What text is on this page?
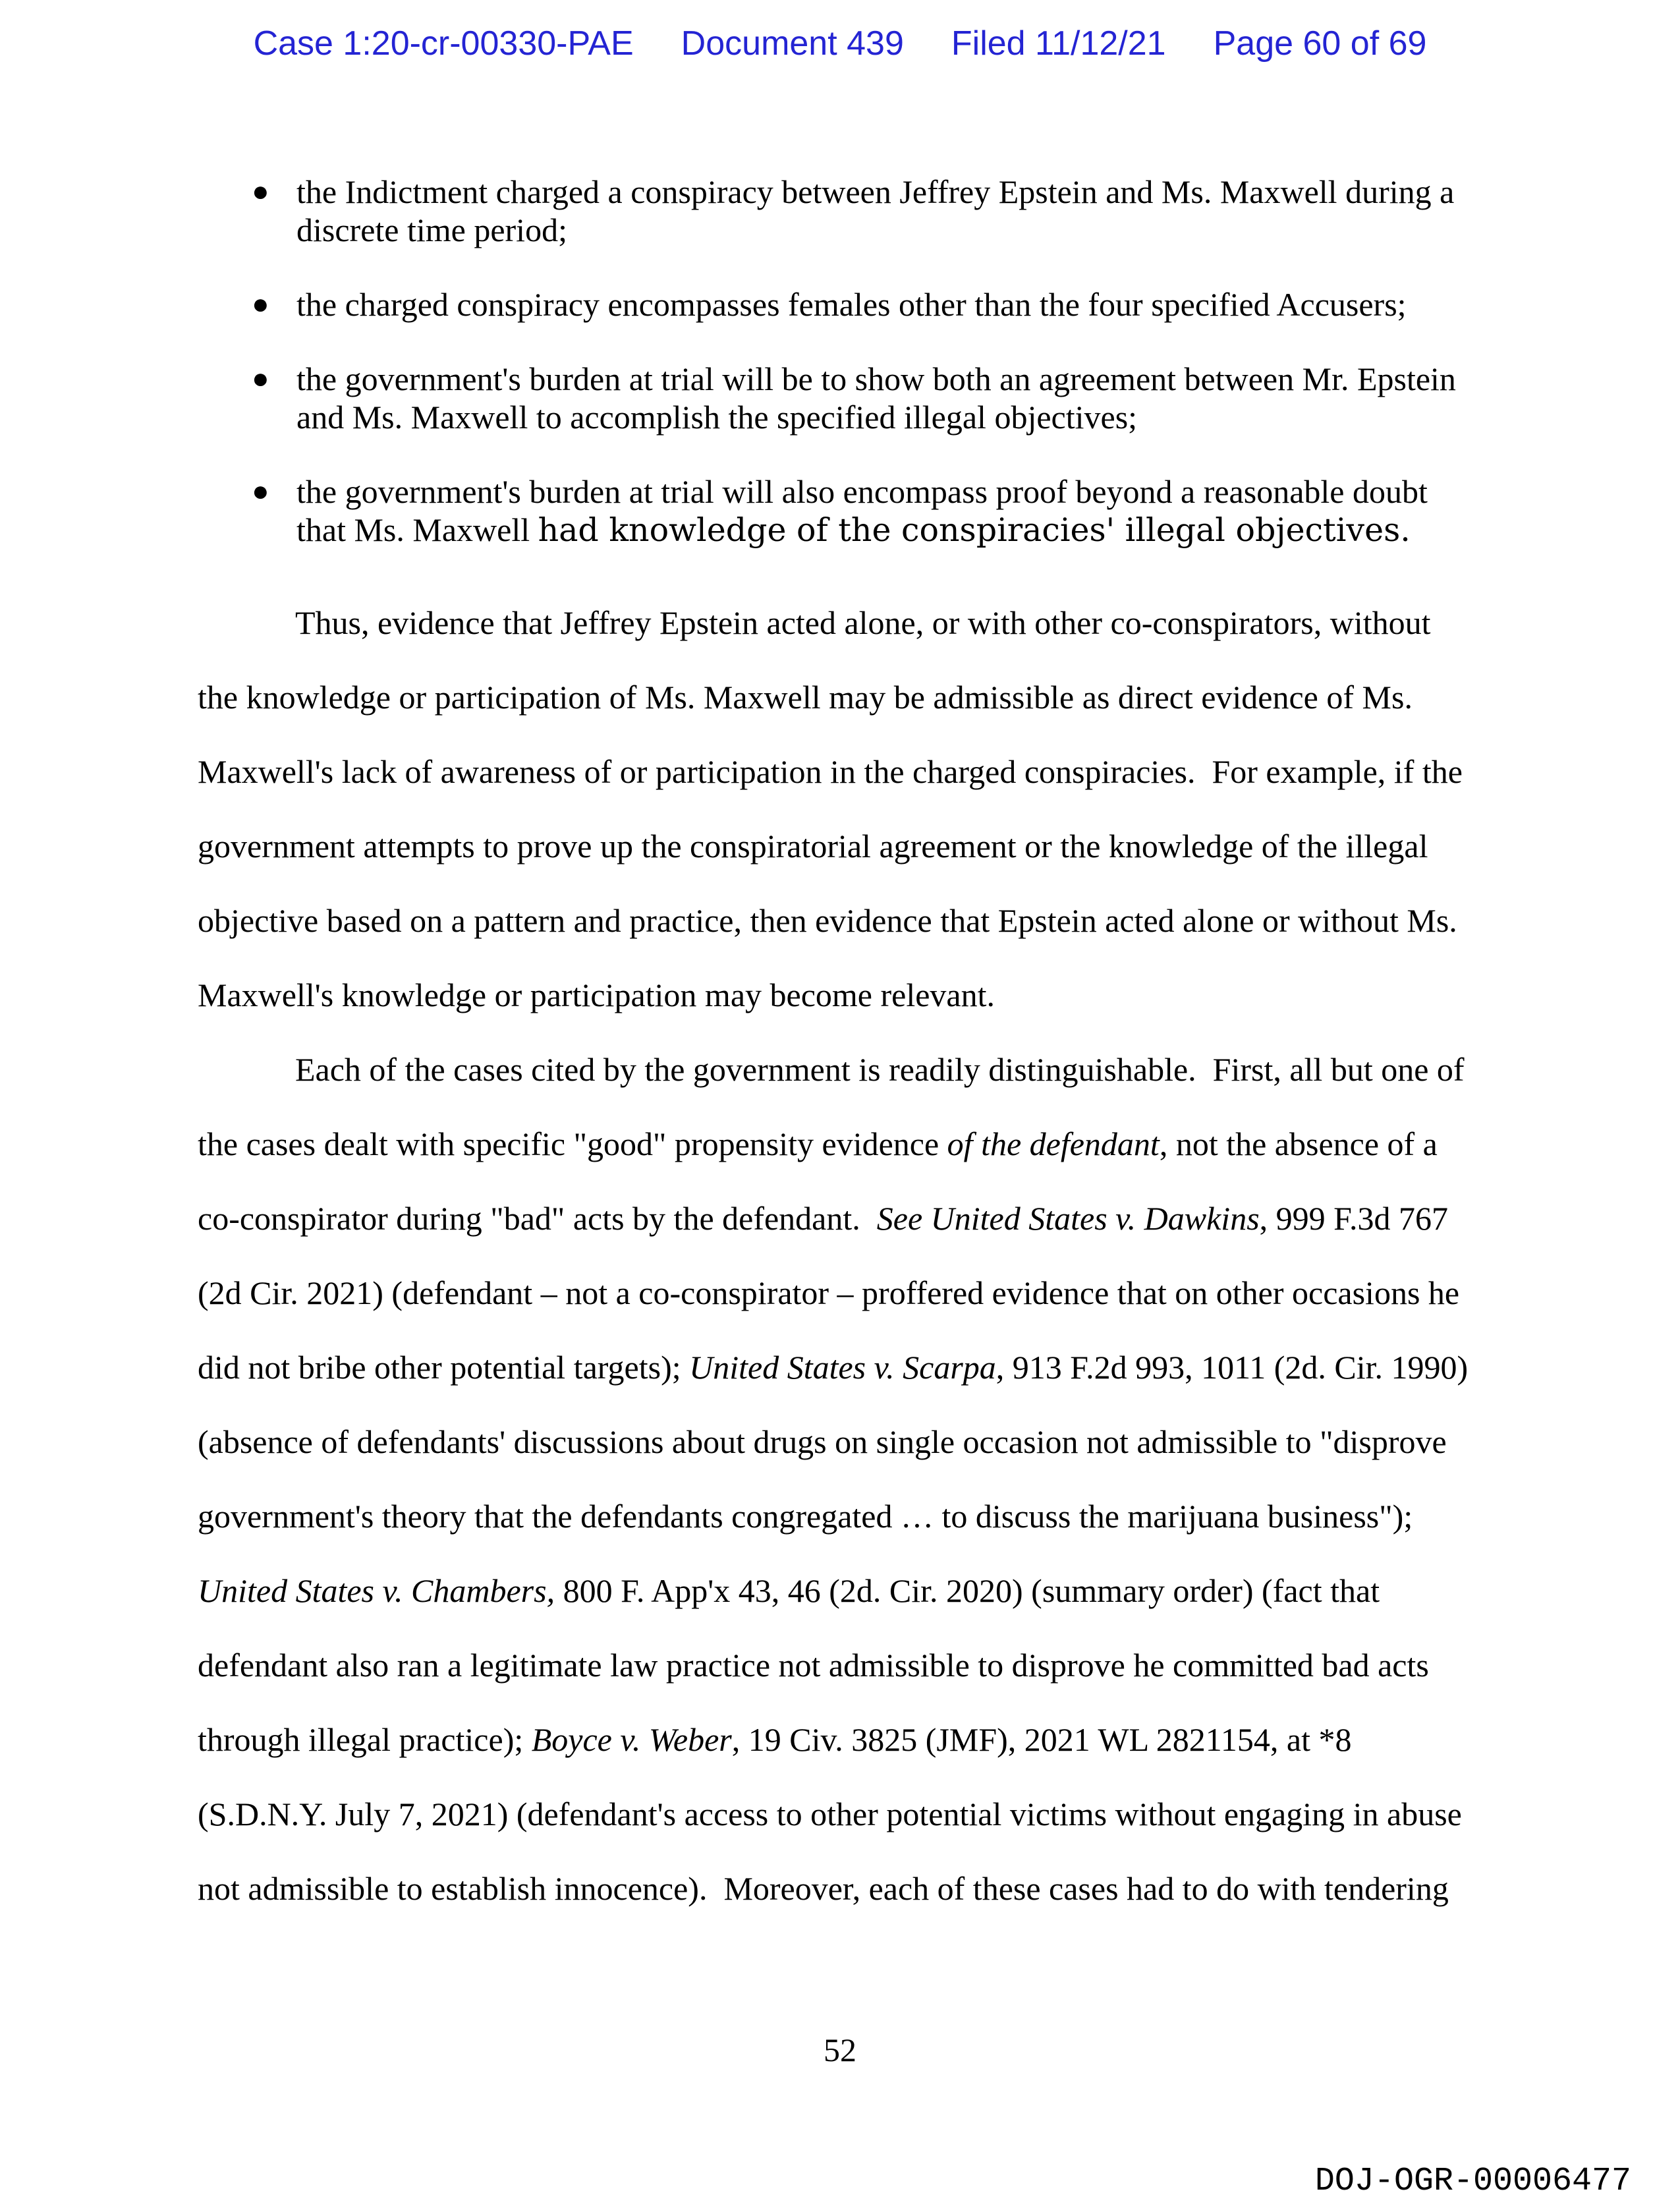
Case 1:20-cr-00330-PAE Document 439 Filed 11/12/21 Page 60 of 69
● the Indictment charged a conspiracy between Jeffrey Epstein and Ms. Maxwell during a discrete time period;
● the charged conspiracy encompasses females other than the four specified Accusers;
● the government's burden at trial will be to show both an agreement between Mr. Epstein and Ms. Maxwell to accomplish the specified illegal objectives;
● the government's burden at trial will also encompass proof beyond a reasonable doubt that Ms. Maxwell had knowledge of the conspiracies' illegal objectives.

Thus, evidence that Jeffrey Epstein acted alone, or with other co-conspirators, without the knowledge or participation of Ms. Maxwell may be admissible as direct evidence of Ms. Maxwell's lack of awareness of or participation in the charged conspiracies.  For example, if the government attempts to prove up the conspiratorial agreement or the knowledge of the illegal objective based on a pattern and practice, then evidence that Epstein acted alone or without Ms. Maxwell's knowledge or participation may become relevant.

Each of the cases cited by the government is readily distinguishable.  First, all but one of the cases dealt with specific "good" propensity evidence of the defendant, not the absence of a co-conspirator during "bad" acts by the defendant.  See United States v. Dawkins, 999 F.3d 767 (2d Cir. 2021) (defendant – not a co-conspirator – proffered evidence that on other occasions he did not bribe other potential targets); United States v. Scarpa, 913 F.2d 993, 1011 (2d. Cir. 1990) (absence of defendants' discussions about drugs on single occasion not admissible to "disprove government's theory that the defendants congregated … to discuss the marijuana business"); United States v. Chambers, 800 F. App'x 43, 46 (2d. Cir. 2020) (summary order) (fact that defendant also ran a legitimate law practice not admissible to disprove he committed bad acts through illegal practice); Boyce v. Weber, 19 Civ. 3825 (JMF), 2021 WL 2821154, at *8 (S.D.N.Y. July 7, 2021) (defendant's access to other potential victims without engaging in abuse not admissible to establish innocence).  Moreover, each of these cases had to do with tendering

52
DOJ-OGR-00006477
